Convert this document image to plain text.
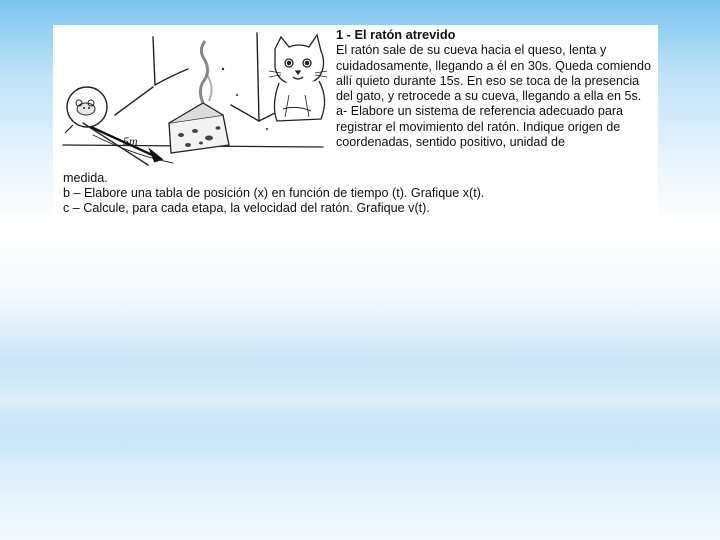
5m
1 - El ratón atrevido

El ratón sale de su cueva hacia el queso, lenta y cuidadosamente, llegando a él en 30s. Queda comiendo allí quieto durante 15s. En eso se toca de la presencia del gato, y retrocede a su cueva, llegando a ella en 5s.

a- Elabore un sistema de referencia adecuado para registrar el movimiento del ratón. Indique origen de coordenadas, sentido positivo, unidad de

medida.
b – Elabore una tabla de posición (x) en función de tiempo (t). Grafique x(t).
c – Calcule, para cada etapa, la velocidad del ratón. Grafique v(t).
